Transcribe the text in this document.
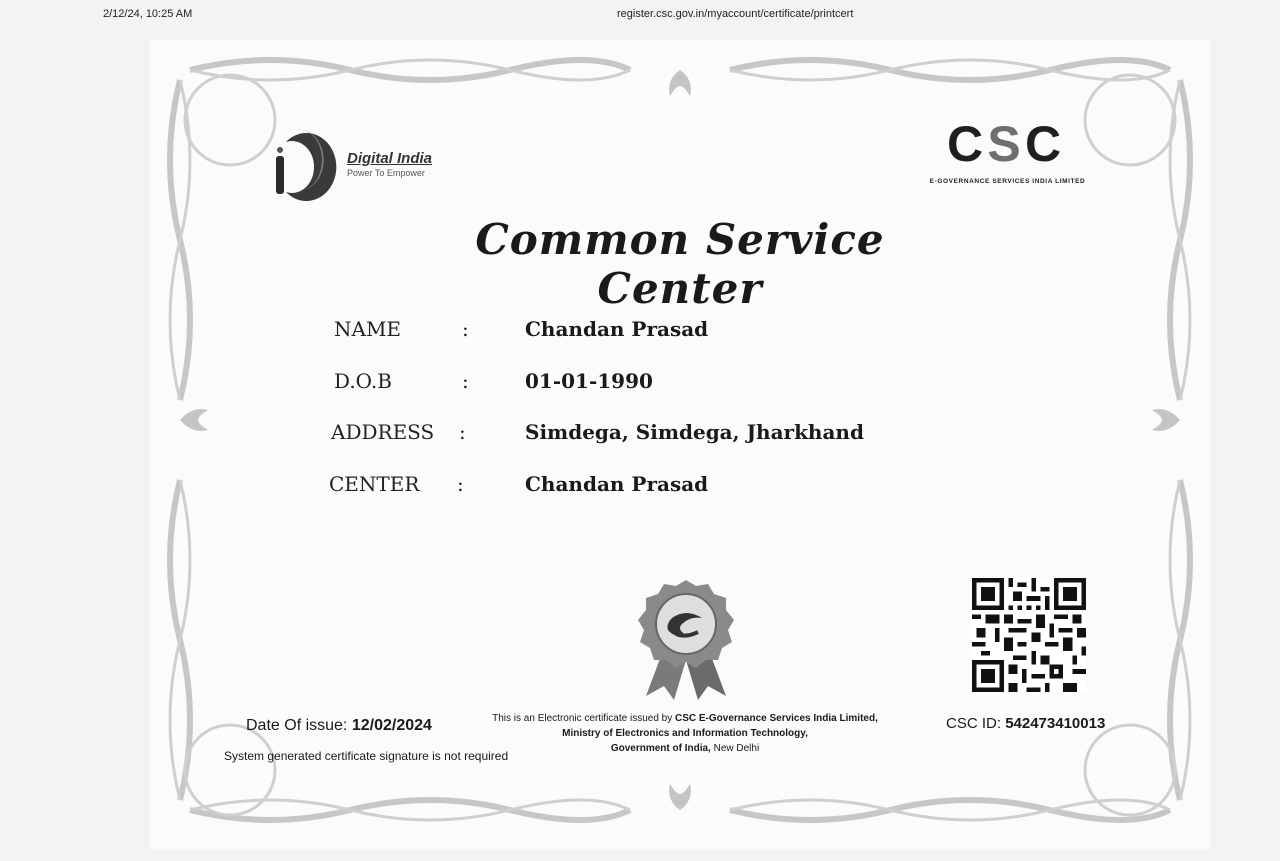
2/12/24, 10:25 AM	register.csc.gov.in/myaccount/certificate/printcert
Digital India
Power To Empower
C S C
E-GOVERNANCE SERVICES INDIA LIMITED
Common Service Center
NAME	:	Chandan Prasad
D.O.B	:	01-01-1990
ADDRESS :	Simdega, Simdega, Jharkhand
CENTER :	Chandan Prasad
Date Of issue: 12/02/2024
System generated certificate signature is not required
This is an Electronic certificate issued by CSC E-Governance Services India Limited,
Ministry of Electronics and Information Technology,
Government of India, New Delhi
CSC ID: 542473410013
